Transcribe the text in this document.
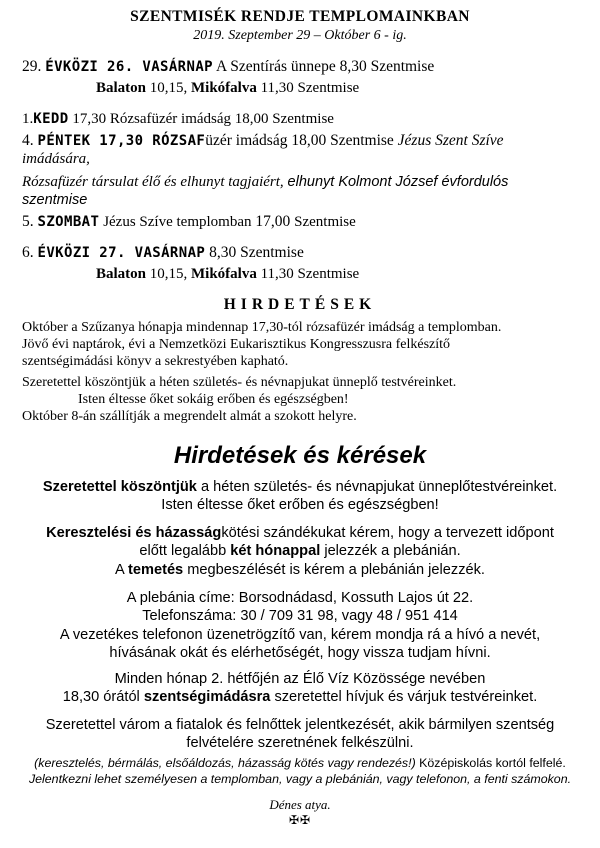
SZENTMISÉK RENDJE TEMPLOMAINKBAN
2019. Szeptember 29 – Október 6 - ig.
29. ÉVKÖZI 26. VASÁRNAP A Szentírás ünnepe 8,30 Szentmise
Balaton 10,15, Mikófalva 11,30 Szentmise
1.KEDD 17,30 Rózsafüzér imádság 18,00 Szentmise
4. PÉNTEK 17,30 RÓZSAFüzér imádság 18,00 Szentmise Jézus Szent Szíve
imádására,
Rózsafüzér társulat élő és elhunyt tagjaiért, elhunyt Kolmont József évfordulós
szentmise
5. SZOMBAT Jézus Szíve templomban 17,00 Szentmise
6. ÉVKÖZI 27. VASÁRNAP 8,30 Szentmise
Balaton 10,15, Mikófalva 11,30 Szentmise
HIRDETÉSEK
Október a Szűzanya hónapja mindennap 17,30-tól rózsafüzér imádság a templomban.
Jövő évi naptárok, évi a Nemzetközi Eukarisztikus Kongresszusra felkészítő
szentségimádási könyv a sekrestyében kapható.
Szeretettel köszöntjük a héten születés- és névnapjukat ünneplő testvéreinket.
Isten éltesse őket sokáig erőben és egészségben!
Október 8-án szállítják a megrendelt almát a szokott helyre.
Hirdetések és kérések
Szeretettel köszöntjük a héten születés- és névnapjukat ünneplőtestvéreinket.
Isten éltesse őket erőben és egészségben!
Keresztelési és házasságkötési szándékukat kérem, hogy a tervezett időpont
előtt legalább két hónappal jelezzék a plebánián.
A temetés megbeszélését is kérem a plebánián jelezzék.
A plebánia címe: Borsodnádasd, Kossuth Lajos út 22.
Telefonszáma: 30 / 709 31 98, vagy 48 / 951 414
A vezetékes telefonon üzenetrögzítő van, kérem mondja rá a hívó a nevét,
hívásának okát és elérhetőségét, hogy vissza tudjam hívni.
Minden hónap 2. hétfőjén az Élő Víz Közössége nevében
18,30 órától szentségimádásra szeretettel hívjuk és várjuk testvéreinket.
Szeretettel várom a fiatalok és felnőttek jelentkezését, akik bármilyen szentség
felvételére szeretnének felkészülni.
(keresztelés, bérmálás, elsőáldozás, házasság kötés vagy rendezés!) Középiskolás kortól felfelé.
Jelentkezni lehet személyesen a templomban, vagy a plebánián, vagy telefonon, a fenti számokon.
Dénes atya.
✠✠
